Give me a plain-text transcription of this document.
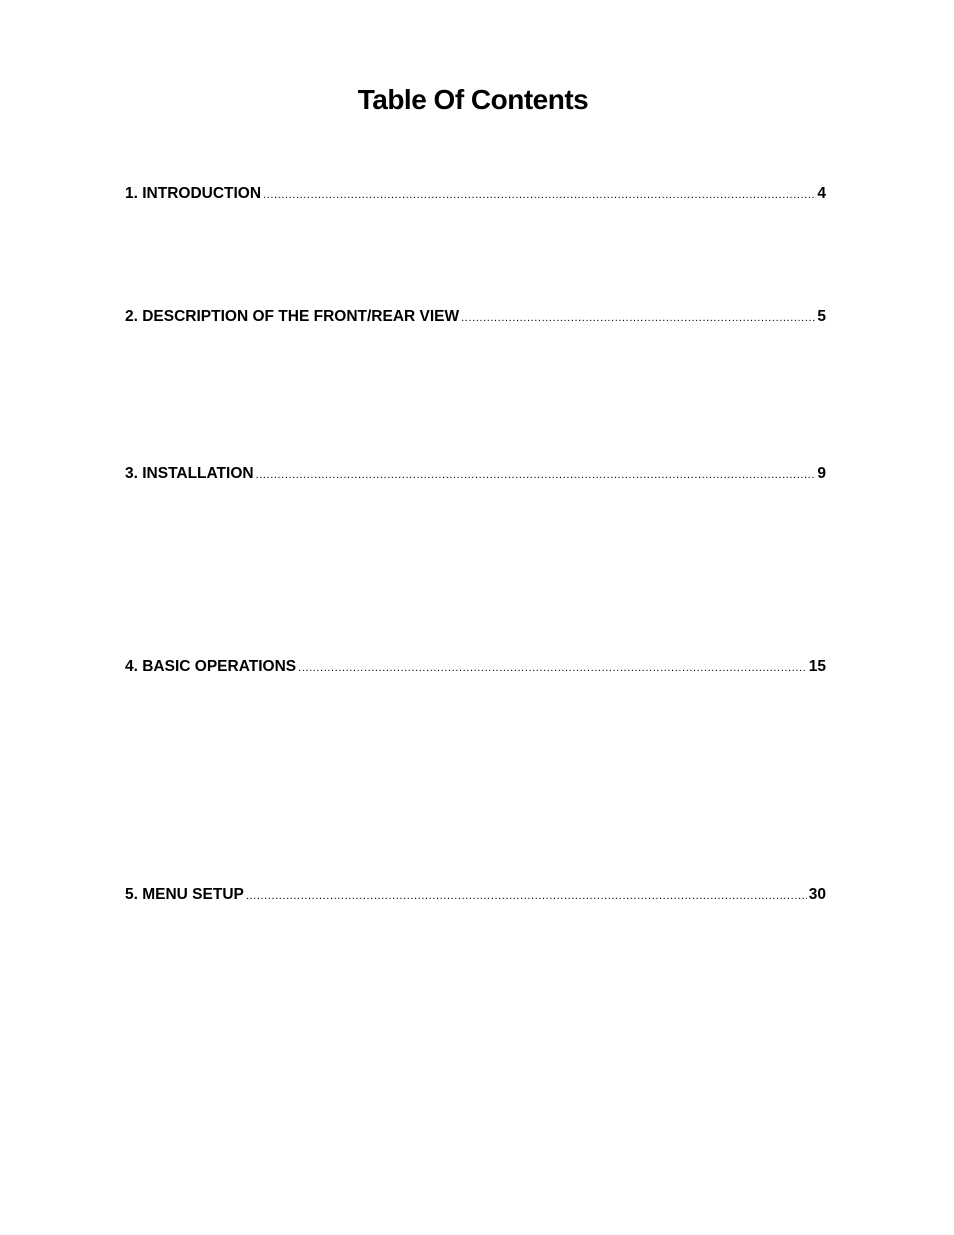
Table Of Contents
1. INTRODUCTION .....	4
2. DESCRIPTION OF THE FRONT/REAR VIEW .....	5
3. INSTALLATION .....	9
4. BASIC OPERATIONS .....	15
5. MENU SETUP .....	30
